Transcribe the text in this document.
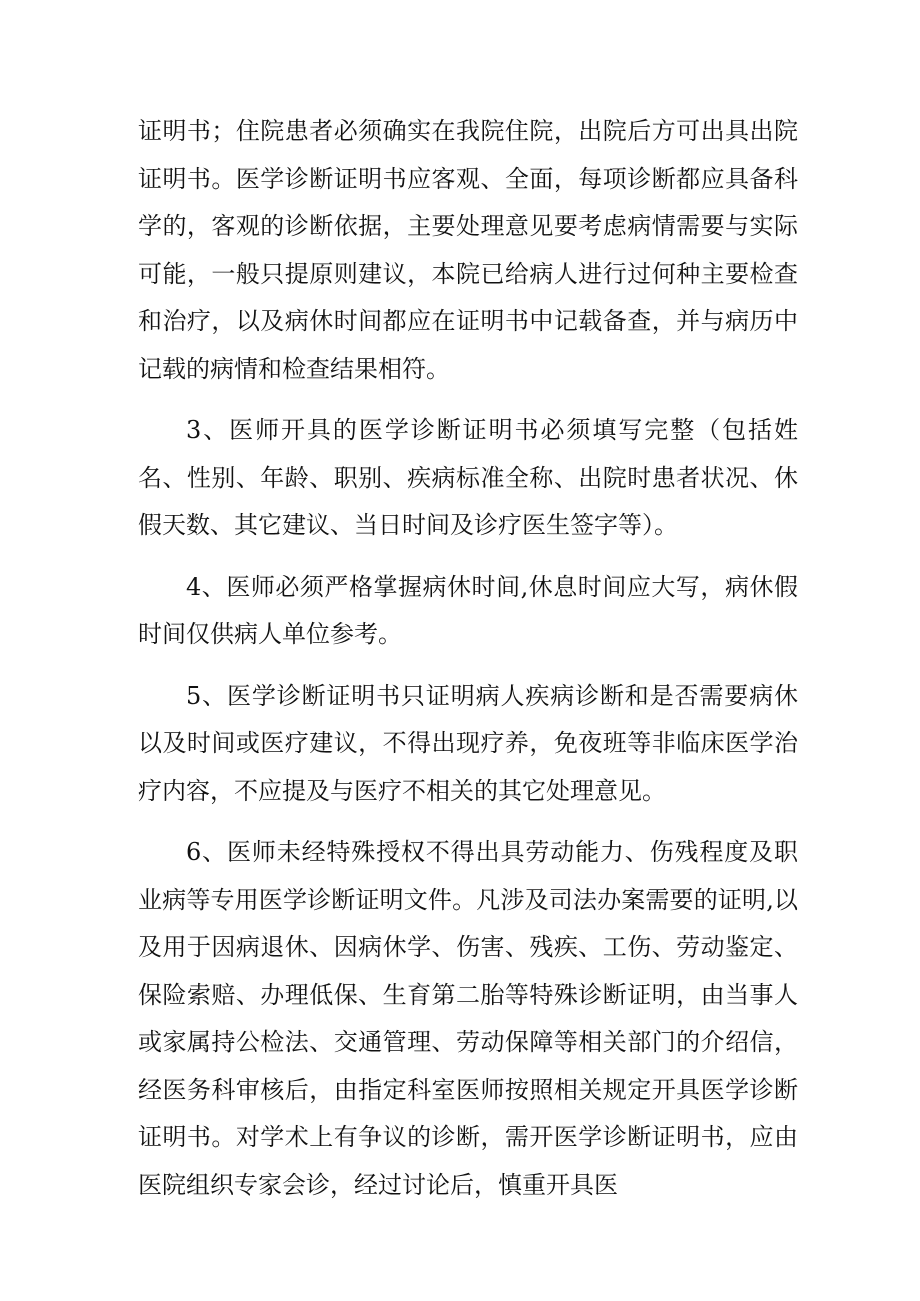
证明书；住院患者必须确实在我院住院，出院后方可出具出院证明书。医学诊断证明书应客观、全面，每项诊断都应具备科学的，客观的诊断依据，主要处理意见要考虑病情需要与实际可能，一般只提原则建议，本院已给病人进行过何种主要检查和治疗，以及病休时间都应在证明书中记载备查，并与病历中记载的病情和检查结果相符。

3、医师开具的医学诊断证明书必须填写完整（包括姓名、性别、年龄、职别、疾病标准全称、出院时患者状况、休假天数、其它建议、当日时间及诊疗医生签字等）。

4、医师必须严格掌握病休时间,休息时间应大写，病休假时间仅供病人单位参考。

5、医学诊断证明书只证明病人疾病诊断和是否需要病休以及时间或医疗建议，不得出现疗养，免夜班等非临床医学治疗内容，不应提及与医疗不相关的其它处理意见。

6、医师未经特殊授权不得出具劳动能力、伤残程度及职业病等专用医学诊断证明文件。凡涉及司法办案需要的证明,以及用于因病退休、因病休学、伤害、残疾、工伤、劳动鉴定、保险索赔、办理低保、生育第二胎等特殊诊断证明，由当事人或家属持公检法、交通管理、劳动保障等相关部门的介绍信，经医务科审核后，由指定科室医师按照相关规定开具医学诊断证明书。对学术上有争议的诊断，需开医学诊断证明书，应由医院组织专家会诊，经过讨论后，慎重开具医
